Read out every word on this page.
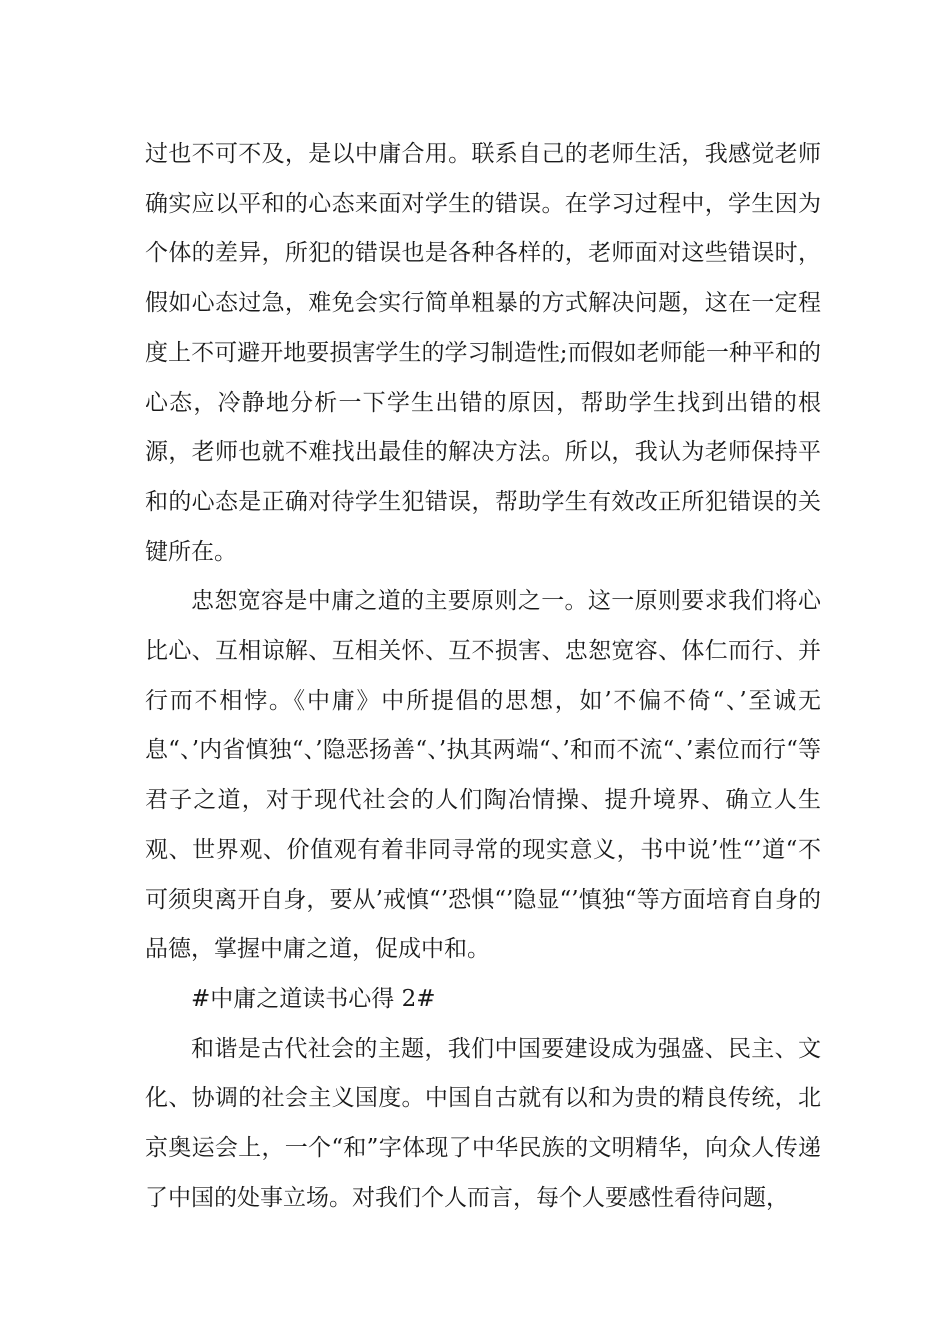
过也不可不及，是以中庸合用。联系自己的老师生活，我感觉老师确实应以平和的心态来面对学生的错误。在学习过程中，学生因为个体的差异，所犯的错误也是各种各样的，老师面对这些错误时，假如心态过急，难免会实行简单粗暴的方式解决问题，这在一定程度上不可避开地要损害学生的学习制造性;而假如老师能一种平和的心态，冷静地分析一下学生出错的原因，帮助学生找到出错的根源，老师也就不难找出最佳的解决方法。所以，我认为老师保持平和的心态是正确对待学生犯错误，帮助学生有效改正所犯错误的关键所在。

忠恕宽容是中庸之道的主要原则之一。这一原则要求我们将心比心、互相谅解、互相关怀、互不损害、忠恕宽容、体仁而行、并行而不相悖。《中庸》中所提倡的思想，如’不偏不倚“、’至诚无息“、’内省慎独“、’隐恶扬善“、’执其两端“、’和而不流“、’素位而行“等君子之道，对于现代社会的人们陶冶情操、提升境界、确立人生观、世界观、价值观有着非同寻常的现实意义，书中说’性“’道“不可须臾离开自身，要从’戒慎“’恐惧“’隐显“’慎独“等方面培育自身的品德，掌握中庸之道，促成中和。

#中庸之道读书心得 2#

和谐是古代社会的主题，我们中国要建设成为强盛、民主、文化、协调的社会主义国度。中国自古就有以和为贵的精良传统，北京奥运会上，一个“和”字体现了中华民族的文明精华，向众人传递了中国的处事立场。对我们个人而言，每个人要感性看待问题，
